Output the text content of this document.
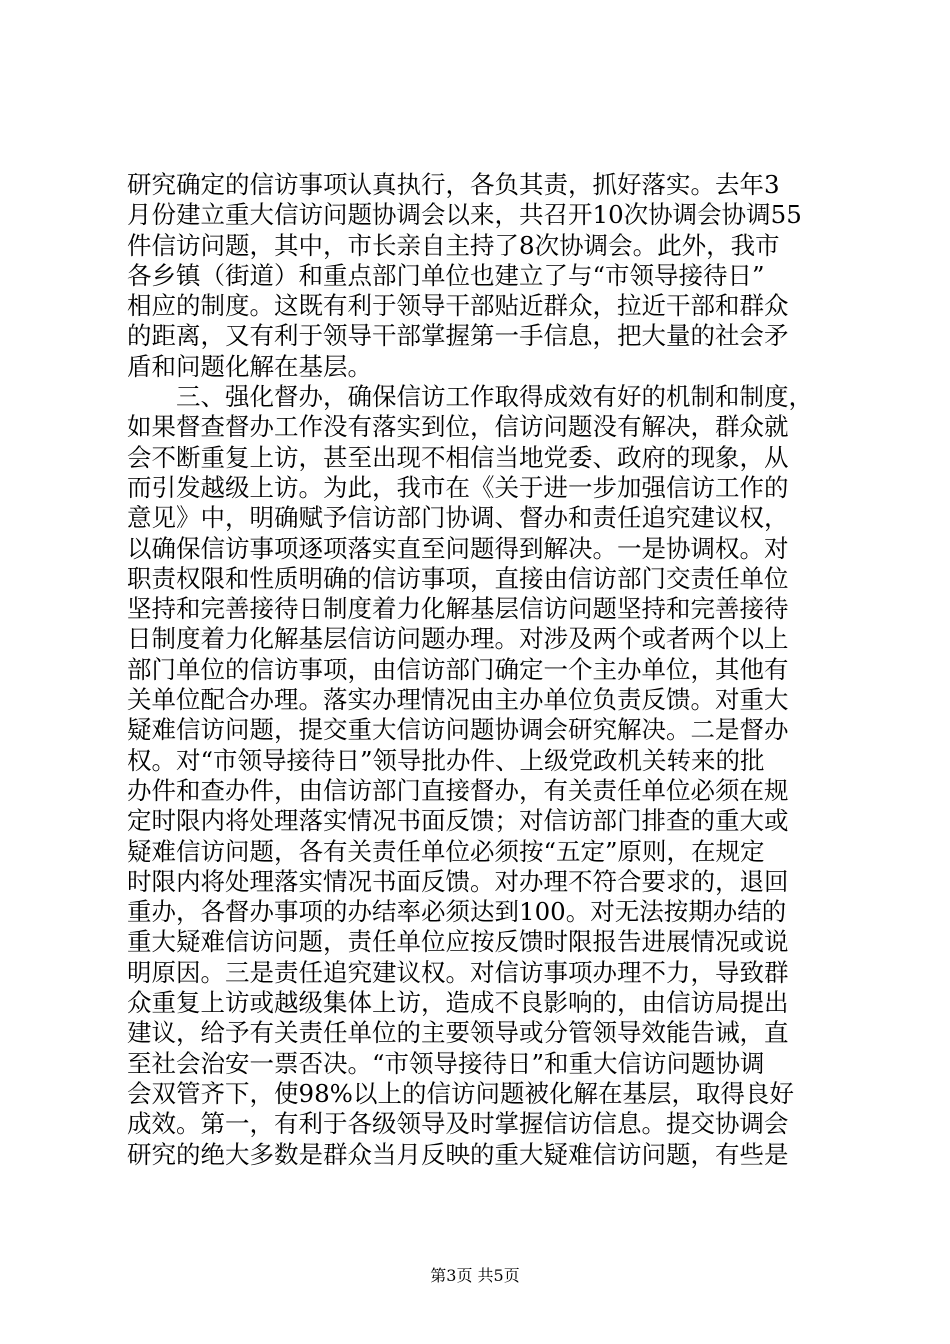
研究确定的信访事项认真执行，各负其责，抓好落实。去年3
月份建立重大信访问题协调会以来，共召开10次协调会协调55
件信访问题，其中，市长亲自主持了8次协调会。此外，我市
各乡镇（街道）和重点部门单位也建立了与“市领导接待日”
相应的制度。这既有利于领导干部贴近群众，拉近干部和群众
的距离，又有利于领导干部掌握第一手信息，把大量的社会矛
盾和问题化解在基层。
三、强化督办，确保信访工作取得成效有好的机制和制度，
如果督查督办工作没有落实到位，信访问题没有解决，群众就
会不断重复上访，甚至出现不相信当地党委、政府的现象，从
而引发越级上访。为此，我市在《关于进一步加强信访工作的
意见》中，明确赋予信访部门协调、督办和责任追究建议权，
以确保信访事项逐项落实直至问题得到解决。一是协调权。对
职责权限和性质明确的信访事项，直接由信访部门交责任单位
坚持和完善接待日制度着力化解基层信访问题坚持和完善接待
日制度着力化解基层信访问题办理。对涉及两个或者两个以上
部门单位的信访事项，由信访部门确定一个主办单位，其他有
关单位配合办理。落实办理情况由主办单位负责反馈。对重大
疑难信访问题，提交重大信访问题协调会研究解决。二是督办
权。对“市领导接待日”领导批办件、上级党政机关转来的批
办件和查办件，由信访部门直接督办，有关责任单位必须在规
定时限内将处理落实情况书面反馈；对信访部门排查的重大或
疑难信访问题，各有关责任单位必须按“五定”原则，在规定
时限内将处理落实情况书面反馈。对办理不符合要求的，退回
重办，各督办事项的办结率必须达到100。对无法按期办结的
重大疑难信访问题，责任单位应按反馈时限报告进展情况或说
明原因。三是责任追究建议权。对信访事项办理不力，导致群
众重复上访或越级集体上访，造成不良影响的，由信访局提出
建议，给予有关责任单位的主要领导或分管领导效能告诫，直
至社会治安一票否决。“市领导接待日”和重大信访问题协调
会双管齐下，使98%以上的信访问题被化解在基层，取得良好
成效。第一，有利于各级领导及时掌握信访信息。提交协调会
研究的绝大多数是群众当月反映的重大疑难信访问题，有些是
第3页 共5页
